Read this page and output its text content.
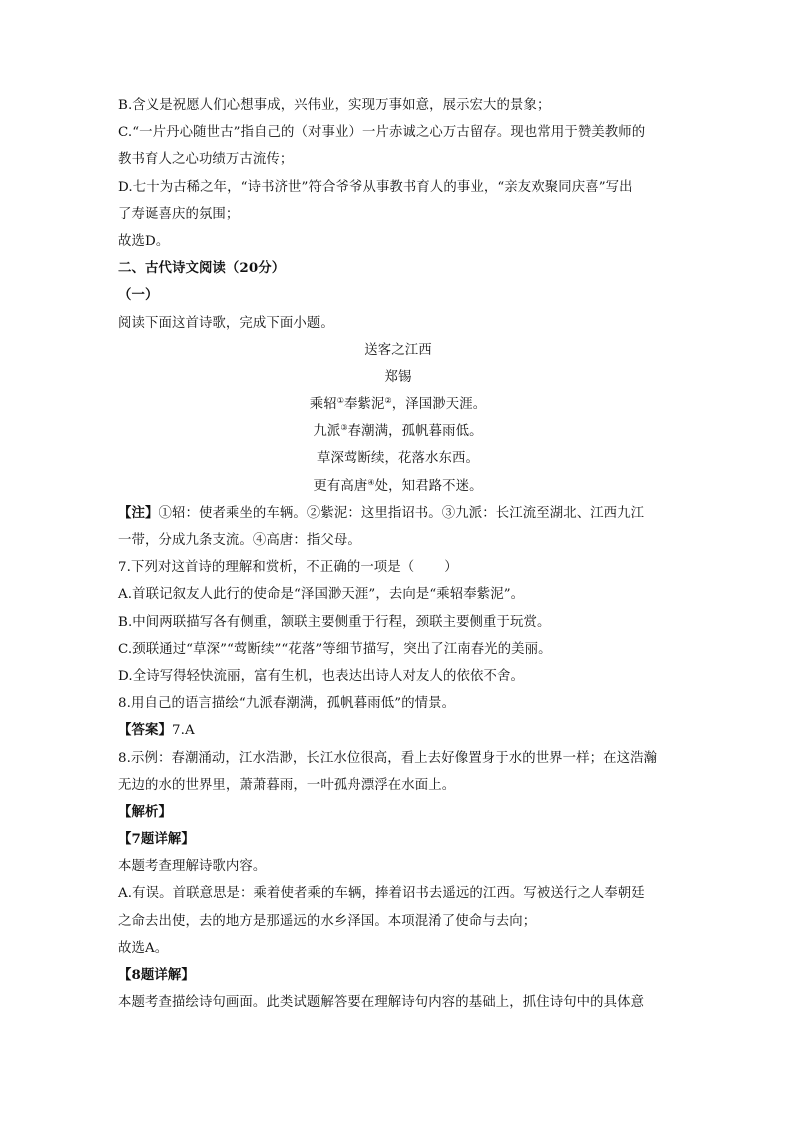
B.含义是祝愿人们心想事成，兴伟业，实现万事如意，展示宏大的景象；
C.“一片丹心随世古”指自己的（对事业）一片赤诚之心万古留存。现也常用于赞美教师的
教书育人之心功绩万古流传；
D.七十为古稀之年，“诗书济世”符合爷爷从事教书育人的事业，“亲友欢聚同庆喜”写出
了寿诞喜庆的氛围；
故选D。
二、古代诗文阅读（20分）
（一）
阅读下面这首诗歌，完成下面小题。
送客之江西
郑锡
乘轺①奉紫泥②，泽国渺天涯。
九派③春潮满，孤帆暮雨低。
草深莺断续，花落水东西。
更有高唐④处，知君路不迷。
【注】①轺：使者乘坐的车辆。②紫泥：这里指诏书。③九派：长江流至湖北、江西九江
一带，分成九条支流。④高唐：指父母。
7.下列对这首诗的理解和赏析，不正确的一项是（ ）
A.首联记叙友人此行的使命是“泽国渺天涯”，去向是“乘轺奉紫泥”。
B.中间两联描写各有侧重，颔联主要侧重于行程，颈联主要侧重于玩赏。
C.颈联通过“草深”“莺断续”“花落”等细节描写，突出了江南春光的美丽。
D.全诗写得轻快流丽，富有生机，也表达出诗人对友人的依依不舍。
8.用自己的语言描绘“九派春潮满，孤帆暮雨低”的情景。
【答案】7.A
8.示例：春潮涌动，江水浩渺，长江水位很高，看上去好像置身于水的世界一样；在这浩瀚
无边的水的世界里，萧萧暮雨，一叶孤舟漂浮在水面上。
【解析】
【7题详解】
本题考查理解诗歌内容。
A.有误。首联意思是：乘着使者乘的车辆，捧着诏书去遥远的江西。写被送行之人奉朝廷
之命去出使，去的地方是那遥远的水乡泽国。本项混淆了使命与去向；
故选A。
【8题详解】
本题考查描绘诗句画面。此类试题解答要在理解诗句内容的基础上，抓住诗句中的具体意
